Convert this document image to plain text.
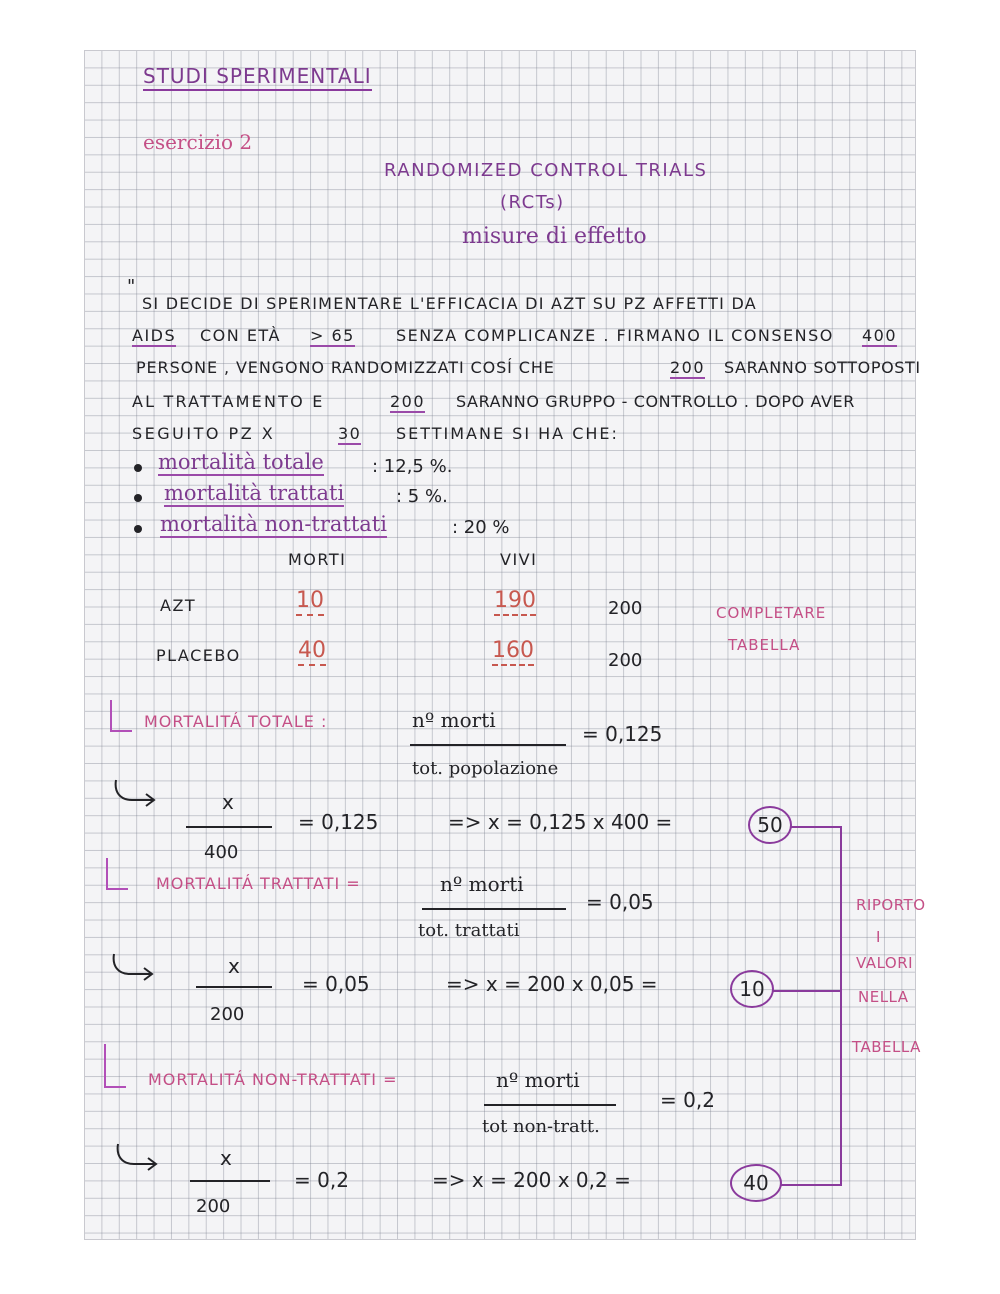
STUDI SPERIMENTALI
esercizio 2
RANDOMIZED CONTROL TRIALS
(RCTs)
misure di effetto
"
SI DECIDE DI SPERIMENTARE L'EFFICACIA DI AZT SU PZ AFFETTI DA
AIDS CON ETÀ > 65	SENZA COMPLICANZE . FIRMANO IL CONSENSO 400
PERSONE , VENGONO RANDOMIZZATI COSÍ CHE	200 SARANNO SOTTOPOSTI
AL TRATTAMENTO E	200 SARANNO GRUPPO - CONTROLLO . DOPO AVER
SEGUITO PZ X	30 SETTIMANE SI HA CHE:
mortalità totale	: 12,5 %.
mortalità trattati	: 5 %.
mortalità non-trattati	: 20 %
MORTI	VIVI
AZT	10	190	200
PLACEBO	40	160	200
COMPLETARE
TABELLA
MORTALITÁ TOTALE :	nº morti
tot. popolazione
= 0,125
x
400
= 0,125	=> x = 0,125 x 400 =	50
MORTALITÁ TRATTATI =	nº morti
tot. trattati
= 0,05
x
200
= 0,05	=> x = 200 x 0,05 =	10
MORTALITÁ NON-TRATTATI =	nº morti
tot non-tratt.
= 0,2
x
200
= 0,2	=> x = 200 x 0,2 =	40
RIPORTO
I
VALORI
NELLA
TABELLA
